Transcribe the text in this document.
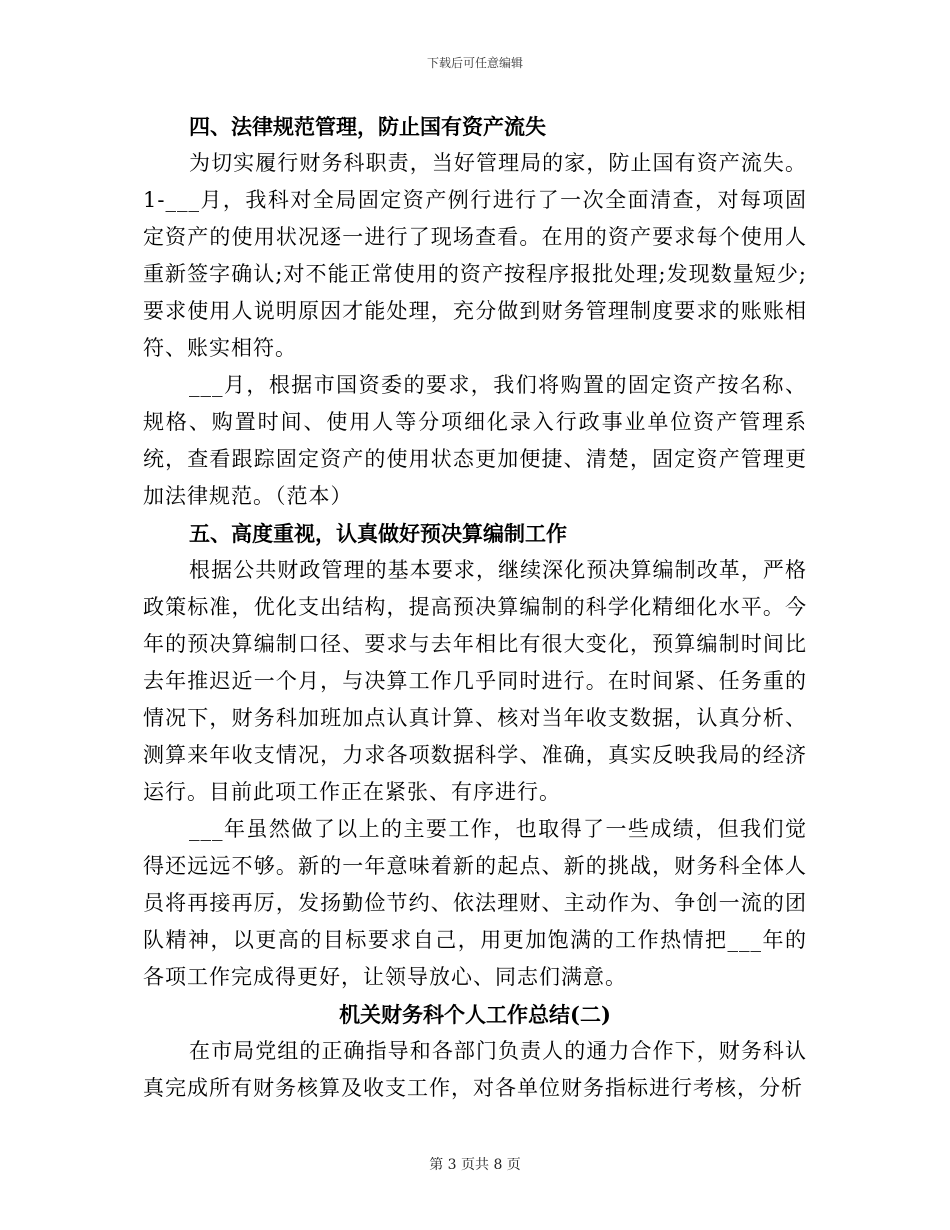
下载后可任意编辑

四、法律规范管理，防止国有资产流失

为切实履行财务科职责，当好管理局的家，防止国有资产流失。1-___月，我科对全局固定资产例行进行了一次全面清查，对每项固定资产的使用状况逐一进行了现场查看。在用的资产要求每个使用人重新签字确认;对不能正常使用的资产按程序报批处理;发现数量短少;要求使用人说明原因才能处理，充分做到财务管理制度要求的账账相符、账实相符。

___月，根据市国资委的要求，我们将购置的固定资产按名称、规格、购置时间、使用人等分项细化录入行政事业单位资产管理系统，查看跟踪固定资产的使用状态更加便捷、清楚，固定资产管理更加法律规范。（范本）

五、高度重视，认真做好预决算编制工作

根据公共财政管理的基本要求，继续深化预决算编制改革，严格政策标准，优化支出结构，提高预决算编制的科学化精细化水平。今年的预决算编制口径、要求与去年相比有很大变化，预算编制时间比去年推迟近一个月，与决算工作几乎同时进行。在时间紧、任务重的情况下，财务科加班加点认真计算、核对当年收支数据，认真分析、测算来年收支情况，力求各项数据科学、准确，真实反映我局的经济运行。目前此项工作正在紧张、有序进行。

___年虽然做了以上的主要工作，也取得了一些成绩，但我们觉得还远远不够。新的一年意味着新的起点、新的挑战，财务科全体人员将再接再厉，发扬勤俭节约、依法理财、主动作为、争创一流的团队精神，以更高的目标要求自己，用更加饱满的工作热情把___年的各项工作完成得更好，让领导放心、同志们满意。

机关财务科个人工作总结(二)

在市局党组的正确指导和各部门负责人的通力合作下，财务科认真完成所有财务核算及收支工作，对各单位财务指标进行考核，分析

第 3 页共 8 页
